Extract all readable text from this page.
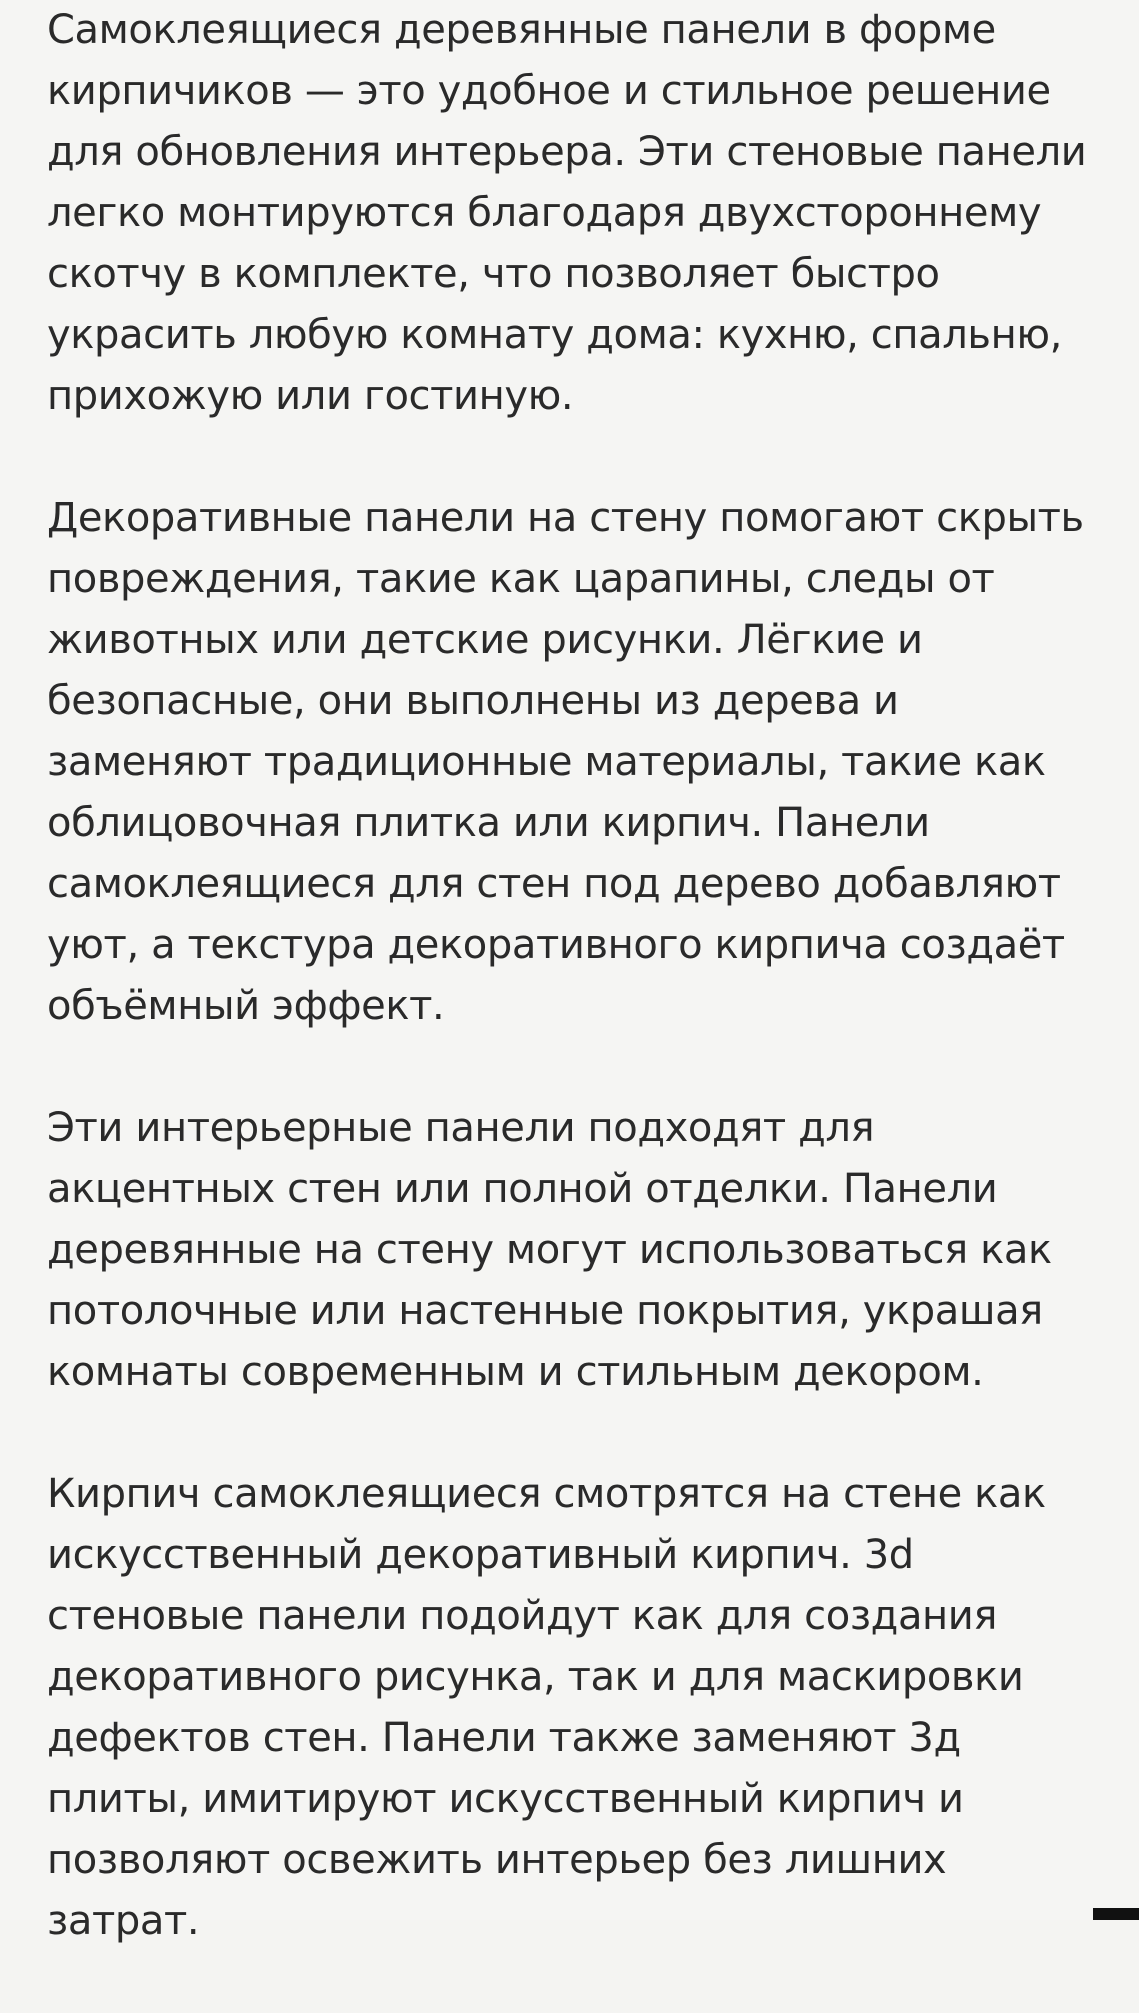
Самоклеящиеся деревянные панели в форме
кирпичиков — это удобное и стильное решение
для обновления интерьера. Эти стеновые панели
легко монтируются благодаря двухстороннему
скотчу в комплекте, что позволяет быстро
украсить любую комнату дома: кухню, спальню,
прихожую или гостиную.

Декоративные панели на стену помогают скрыть
повреждения, такие как царапины, следы от
животных или детские рисунки. Лёгкие и
безопасные, они выполнены из дерева и
заменяют традиционные материалы, такие как
облицовочная плитка или кирпич. Панели
самоклеящиеся для стен под дерево добавляют
уют, а текстура декоративного кирпича создаёт
объёмный эффект.

Эти интерьерные панели подходят для
акцентных стен или полной отделки. Панели
деревянные на стену могут использоваться как
потолочные или настенные покрытия, украшая
комнаты современным и стильным декором.

Кирпич самоклеящиеся смотрятся на стене как
искусственный декоративный кирпич. 3d
стеновые панели подойдут как для создания
декоративного рисунка, так и для маскировки
дефектов стен. Панели также заменяют 3д
плиты, имитируют искусственный кирпич и
позволяют освежить интерьер без лишних
затрат.
